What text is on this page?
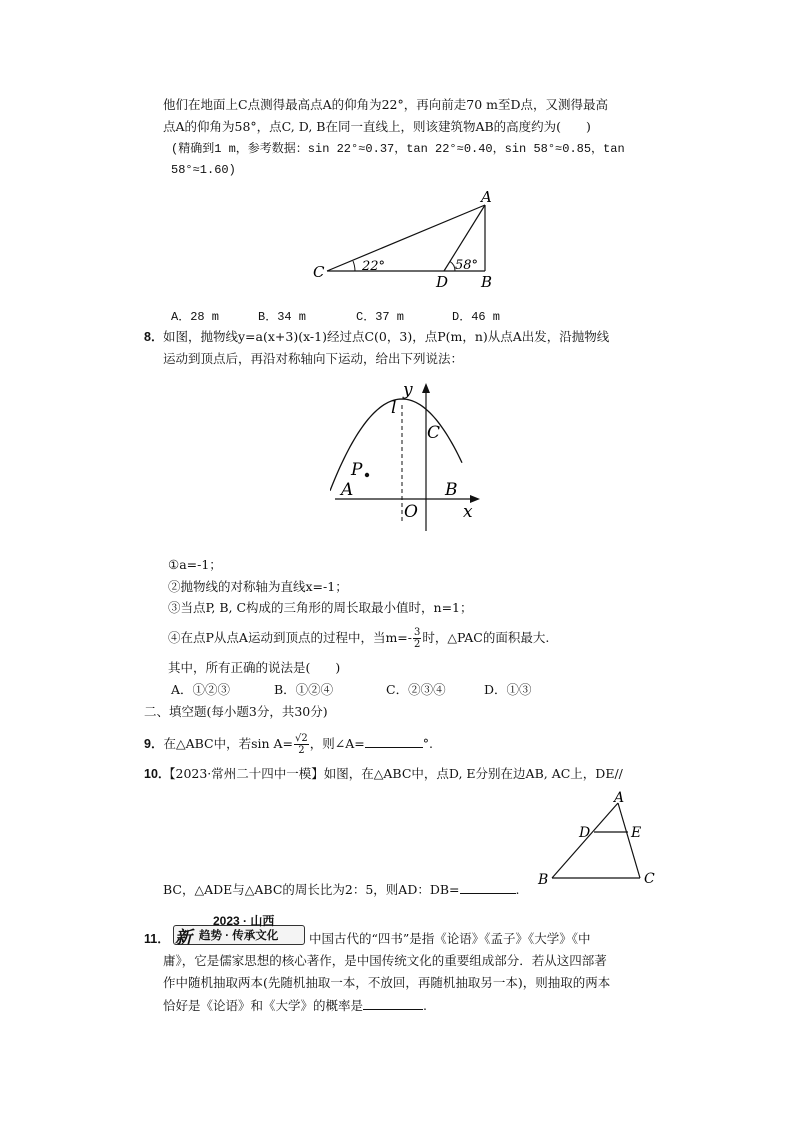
他们在地面上C点测得最高点A的仰角为22°，再向前走70 m至D点，又测得最高
点A的仰角为58°，点C, D, B在同一直线上，则该建筑物AB的高度约为(　　)
(精确到1 m，参考数据：sin 22°≈0.37，tan 22°≈0.40，sin 58°≈0.85，tan
58°≈1.60)
A
B
C
D
22°	58°
A．28 m	B．34 m	C．37 m	D．46 m
8． 如图，抛物线y=a(x+3)(x-1)经过点C(0，3)，点P(m，n)从点A出发，沿抛物线
运动到顶点后，再沿对称轴向下运动，给出下列说法：
y
l
C
P
A	B
O	x
①a=-1；
②抛物线的对称轴为直线x=-1；
③当点P, B, C构成的三角形的周长取最小值时，n=1；
④在点P从点A运动到顶点的过程中，当$m=- \frac{3}{2}$ 时，△PAC的面积最大.
其中，所有正确的说法是(　　)
A．①②③	B．①②④	C．②③④	D．①③
二、填空题(每小题3分，共30分)
9．在△ABC中，若$\sin A= \frac{√2}{2}$ ，则∠A=	°.
10．
【2023·常州二十四中一模】如图，在△ABC中，点D, E分别在边AB, AC上，DE//
A
B	C
D	E
BC，△ADE与△ABC的周长比为2：5，则AD：DB=	.
11．
2023 · 山西
新 趋势 · 传承文化 中国古代的“四书”是指《论语》《孟子》《大学》《中
庸》，它是儒家思想的核心著作，是中国传统文化的重要组成部分．若从这四部著
作中随机抽取两本(先随机抽取一本，不放回，再随机抽取另一本)，则抽取的两本
恰好是《论语》和《大学》的概率是	.
